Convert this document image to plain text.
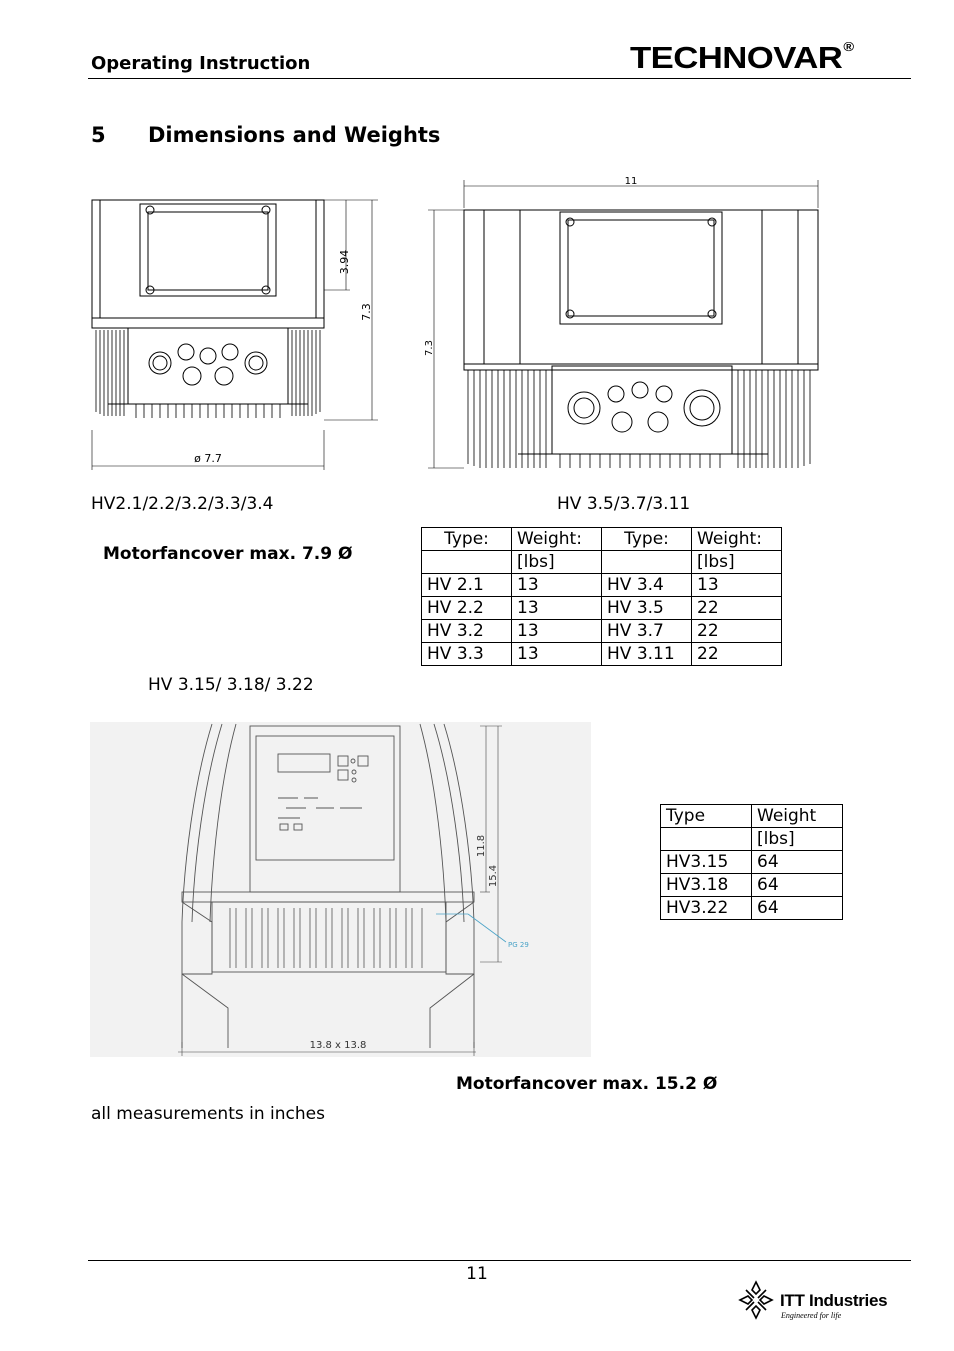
Operating Instruction	TECHNOVAR®
5 Dimensions and Weights
3.94
7.3
ø 7.7
11
7.3
HV2.1/2.2/3.2/3.3/3.4	HV 3.5/3.7/3.11
Motorfancover max. 7.9 Ø
Type:	Weight:	Type:	Weight:
	[lbs]		[lbs]
HV 2.1	13	HV 3.4	13
HV 2.2	13	HV 3.5	22
HV 3.2	13	HV 3.7	22
HV 3.3	13	HV 3.11	22
HV 3.15/ 3.18/ 3.22
11.8
15.4
PG 29
13.8 x 13.8
Type	Weight
	[lbs]
HV3.15	64
HV3.18	64
HV3.22	64
Motorfancover max. 15.2 Ø
all measurements in inches
11
ITT Industries
Engineered for life
